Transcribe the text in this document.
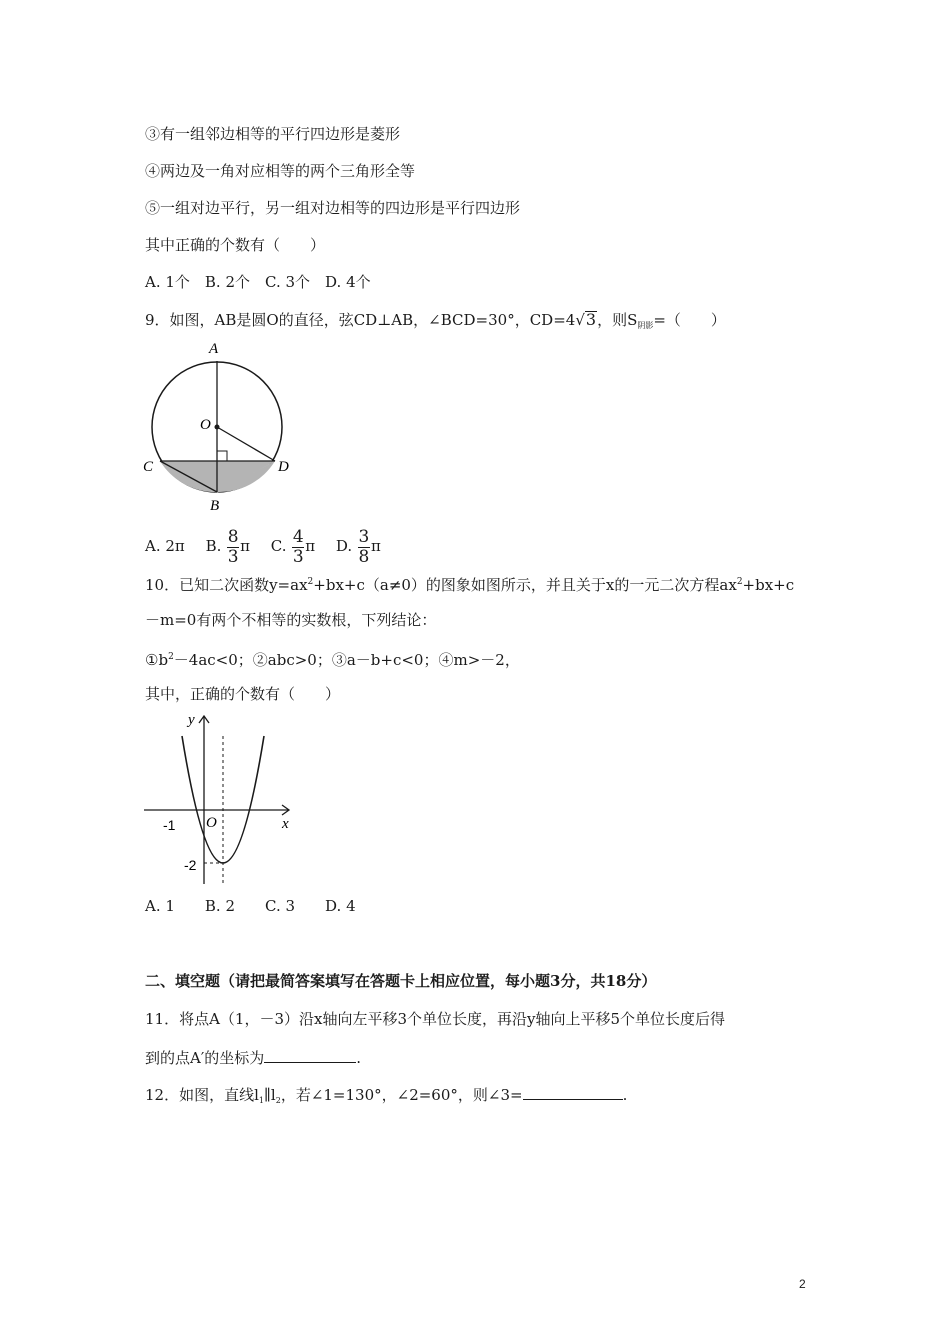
③有一组邻边相等的平行四边形是菱形
④两边及一角对应相等的两个三角形全等
⑤一组对边平行，另一组对边相等的四边形是平行四边形
其中正确的个数有（　　）
A. 1个　B. 2个　C. 3个　D. 4个
9．如图，AB是圆O的直径，弦CD⊥AB，∠BCD=30°，CD=4√3，则$S_{阴影}=$（　　）
A
O
C	D
B
A. 2π B. $\frac{8}{3}$ π C. $\frac{4}{3}$ π D. $\frac{3}{8}$ π
10．已知二次函数$y=ax^2+bx+c(a\ne 0)$的图象如图所示，并且关于x的一元二次方程$ax^2+bx+c$
－m=0有两个不相等的实数根，下列结论：
$①b^2-4ac<0$；②abc>0；③a－b+c<0；④m>－2，
其中，正确的个数有（　　）
y
x
O
-1
-2
A. 1　　B. 2　　C. 3　　D. 4
二、填空题（请把最简答案填写在答题卡上相应位置，每小题3分，共18分）
11．将点A（1，－3）沿x轴向左平移3个单位长度，再沿y轴向上平移5个单位长度后得
到的点A′的坐标为	.
12．如图，直线$l_1\parallel l_2$，若∠1=130°，∠2=60°，则∠3=	.
2
